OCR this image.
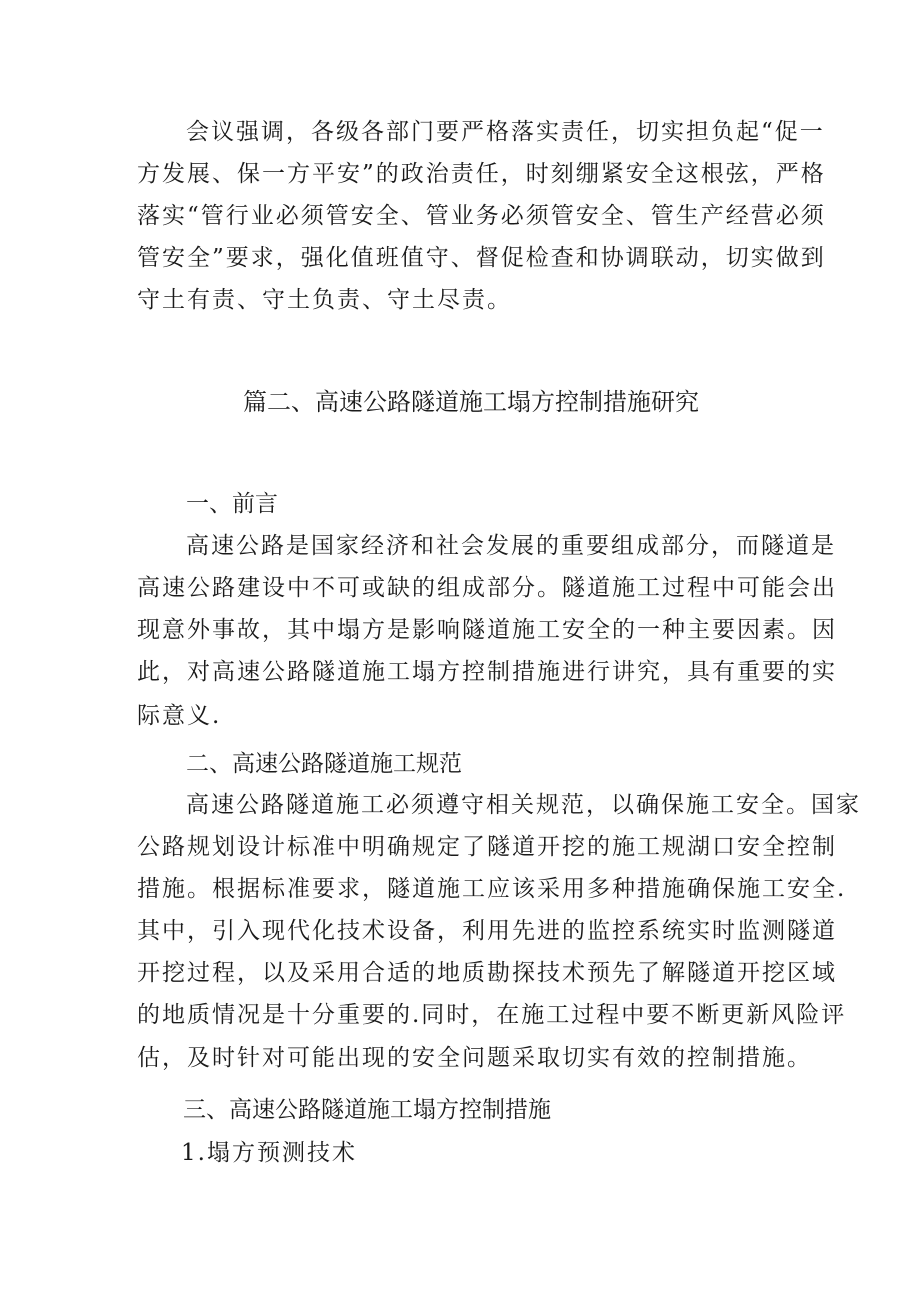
会议强调，各级各部门要严格落实责任，切实担负起“促一
方发展、保一方平安”的政治责任，时刻绷紧安全这根弦，严格
落实“管行业必须管安全、管业务必须管安全、管生产经营必须
管安全”要求，强化值班值守、督促检查和协调联动，切实做到
守土有责、守土负责、守土尽责。
篇二、高速公路隧道施工塌方控制措施研究
一、前言
高速公路是国家经济和社会发展的重要组成部分，而隧道是
高速公路建设中不可或缺的组成部分。隧道施工过程中可能会出
现意外事故，其中塌方是影响隧道施工安全的一种主要因素。因
此，对高速公路隧道施工塌方控制措施进行讲究，具有重要的实
际意义.
二、高速公路隧道施工规范
高速公路隧道施工必须遵守相关规范，以确保施工安全。国家
公路规划设计标准中明确规定了隧道开挖的施工规湖口安全控制
措施。根据标准要求，隧道施工应该采用多种措施确保施工安全.
其中，引入现代化技术设备，利用先进的监控系统实时监测隧道
开挖过程，以及采用合适的地质勘探技术预先了解隧道开挖区域
的地质情况是十分重要的.同时，在施工过程中要不断更新风险评
估，及时针对可能出现的安全问题采取切实有效的控制措施。
三、高速公路隧道施工塌方控制措施
1.塌方预测技术
